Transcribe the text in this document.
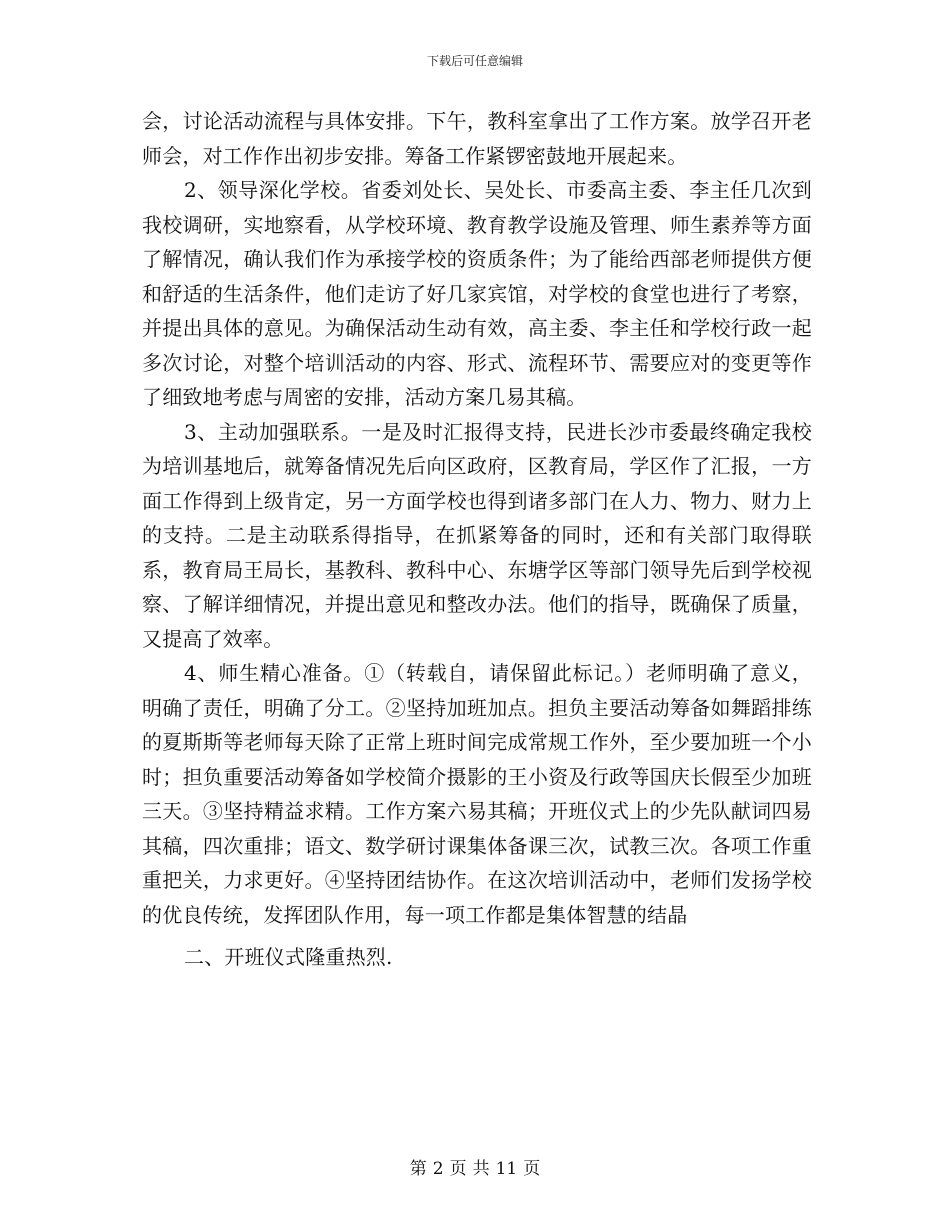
下载后可任意编辑

会，讨论活动流程与具体安排。下午，教科室拿出了工作方案。放学召开老师会，对工作作出初步安排。筹备工作紧锣密鼓地开展起来。

2、领导深化学校。省委刘处长、吴处长、市委高主委、李主任几次到我校调研，实地察看，从学校环境、教育教学设施及管理、师生素养等方面了解情况，确认我们作为承接学校的资质条件；为了能给西部老师提供方便和舒适的生活条件，他们走访了好几家宾馆，对学校的食堂也进行了考察，并提出具体的意见。为确保活动生动有效，高主委、李主任和学校行政一起多次讨论，对整个培训活动的内容、形式、流程环节、需要应对的变更等作了细致地考虑与周密的安排，活动方案几易其稿。

3、主动加强联系。一是及时汇报得支持，民进长沙市委最终确定我校为培训基地后，就筹备情况先后向区政府，区教育局，学区作了汇报，一方面工作得到上级肯定，另一方面学校也得到诸多部门在人力、物力、财力上的支持。二是主动联系得指导，在抓紧筹备的同时，还和有关部门取得联系，教育局王局长，基教科、教科中心、东塘学区等部门领导先后到学校视察、了解详细情况，并提出意见和整改办法。他们的指导，既确保了质量，又提高了效率。

4、师生精心准备。①（转载自，请保留此标记。）老师明确了意义，明确了责任，明确了分工。②坚持加班加点。担负主要活动筹备如舞蹈排练的夏斯斯等老师每天除了正常上班时间完成常规工作外，至少要加班一个小时；担负重要活动筹备如学校简介摄影的王小资及行政等国庆长假至少加班三天。③坚持精益求精。工作方案六易其稿；开班仪式上的少先队献词四易其稿，四次重排；语文、数学研讨课集体备课三次，试教三次。各项工作重重把关，力求更好。④坚持团结协作。在这次培训活动中，老师们发扬学校的优良传统，发挥团队作用，每一项工作都是集体智慧的结晶

二、开班仪式隆重热烈.

第 2 页 共 11 页
